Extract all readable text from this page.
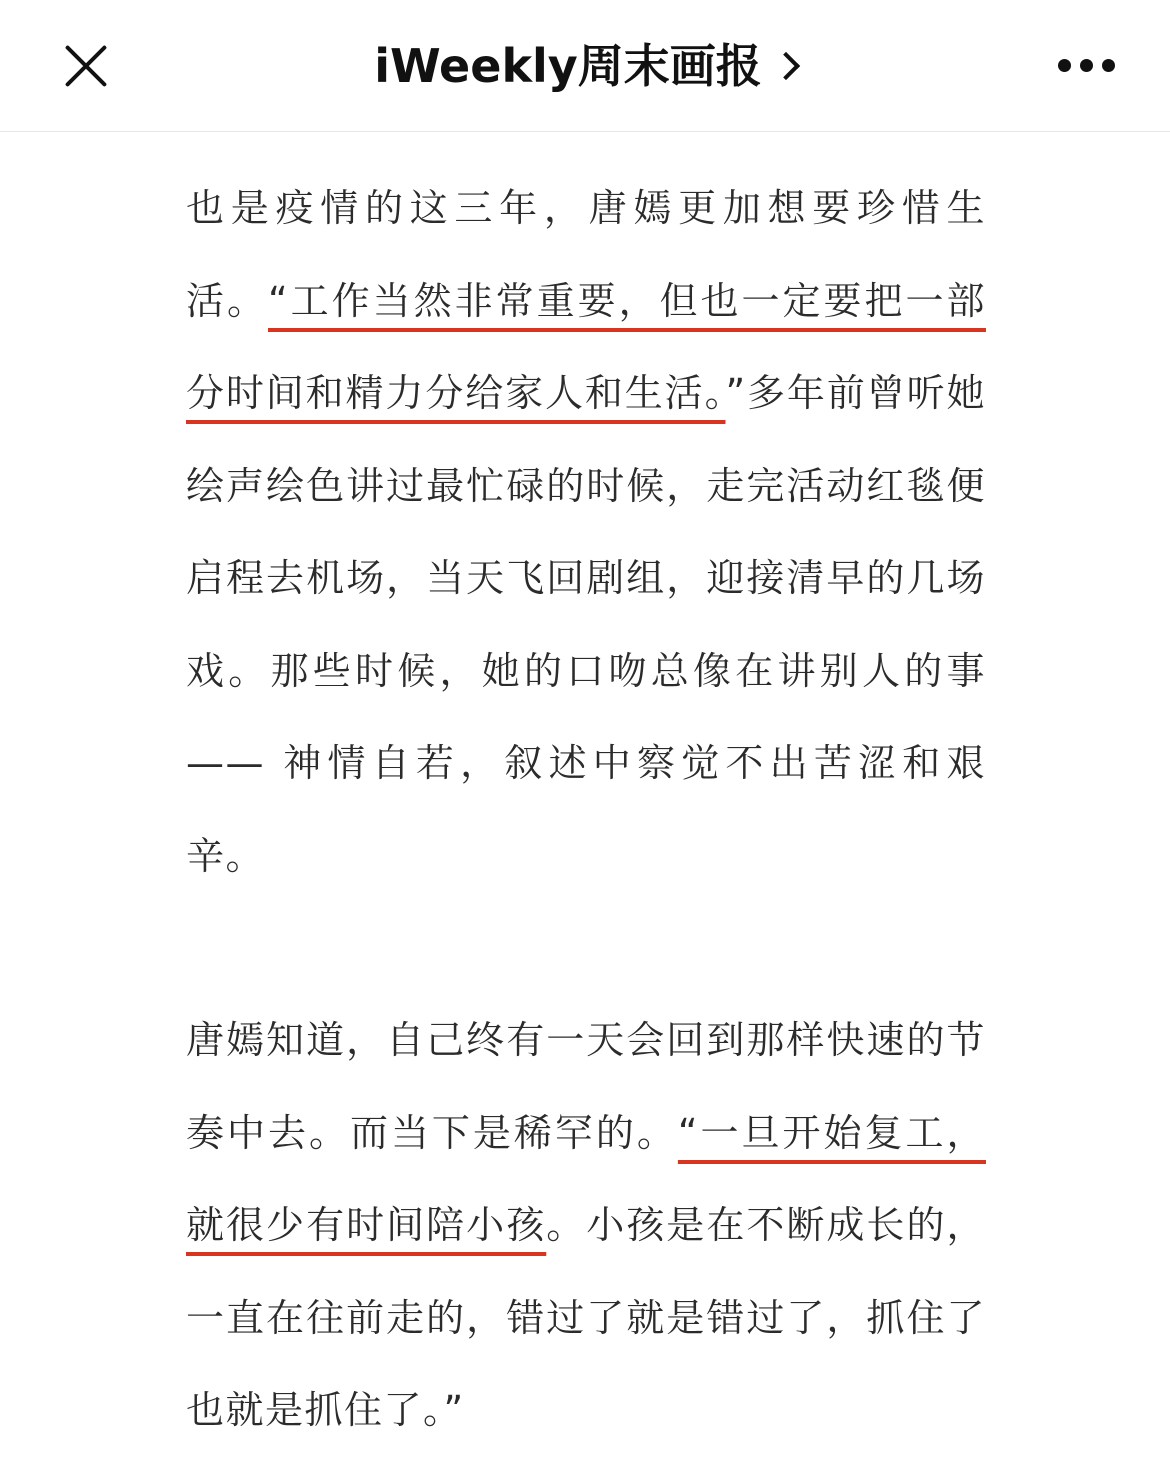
iWeekly周末画报

也是疫情的这三年，唐嫣更加想要珍惜生活。“工作当然非常重要，但也一定要把一部分时间和精力分给家人和生活。”多年前曾听她绘声绘色讲过最忙碌的时候，走完活动红毯便启程去机场，当天飞回剧组，迎接清早的几场戏。那些时候，她的口吻总像在讲别人的事 —— 神情自若，叙述中察觉不出苦涩和艰辛。

唐嫣知道，自己终有一天会回到那样快速的节奏中去。而当下是稀罕的。“一旦开始复工，就很少有时间陪小孩。小孩是在不断成长的，一直在往前走的，错过了就是错过了，抓住了也就是抓住了。”
